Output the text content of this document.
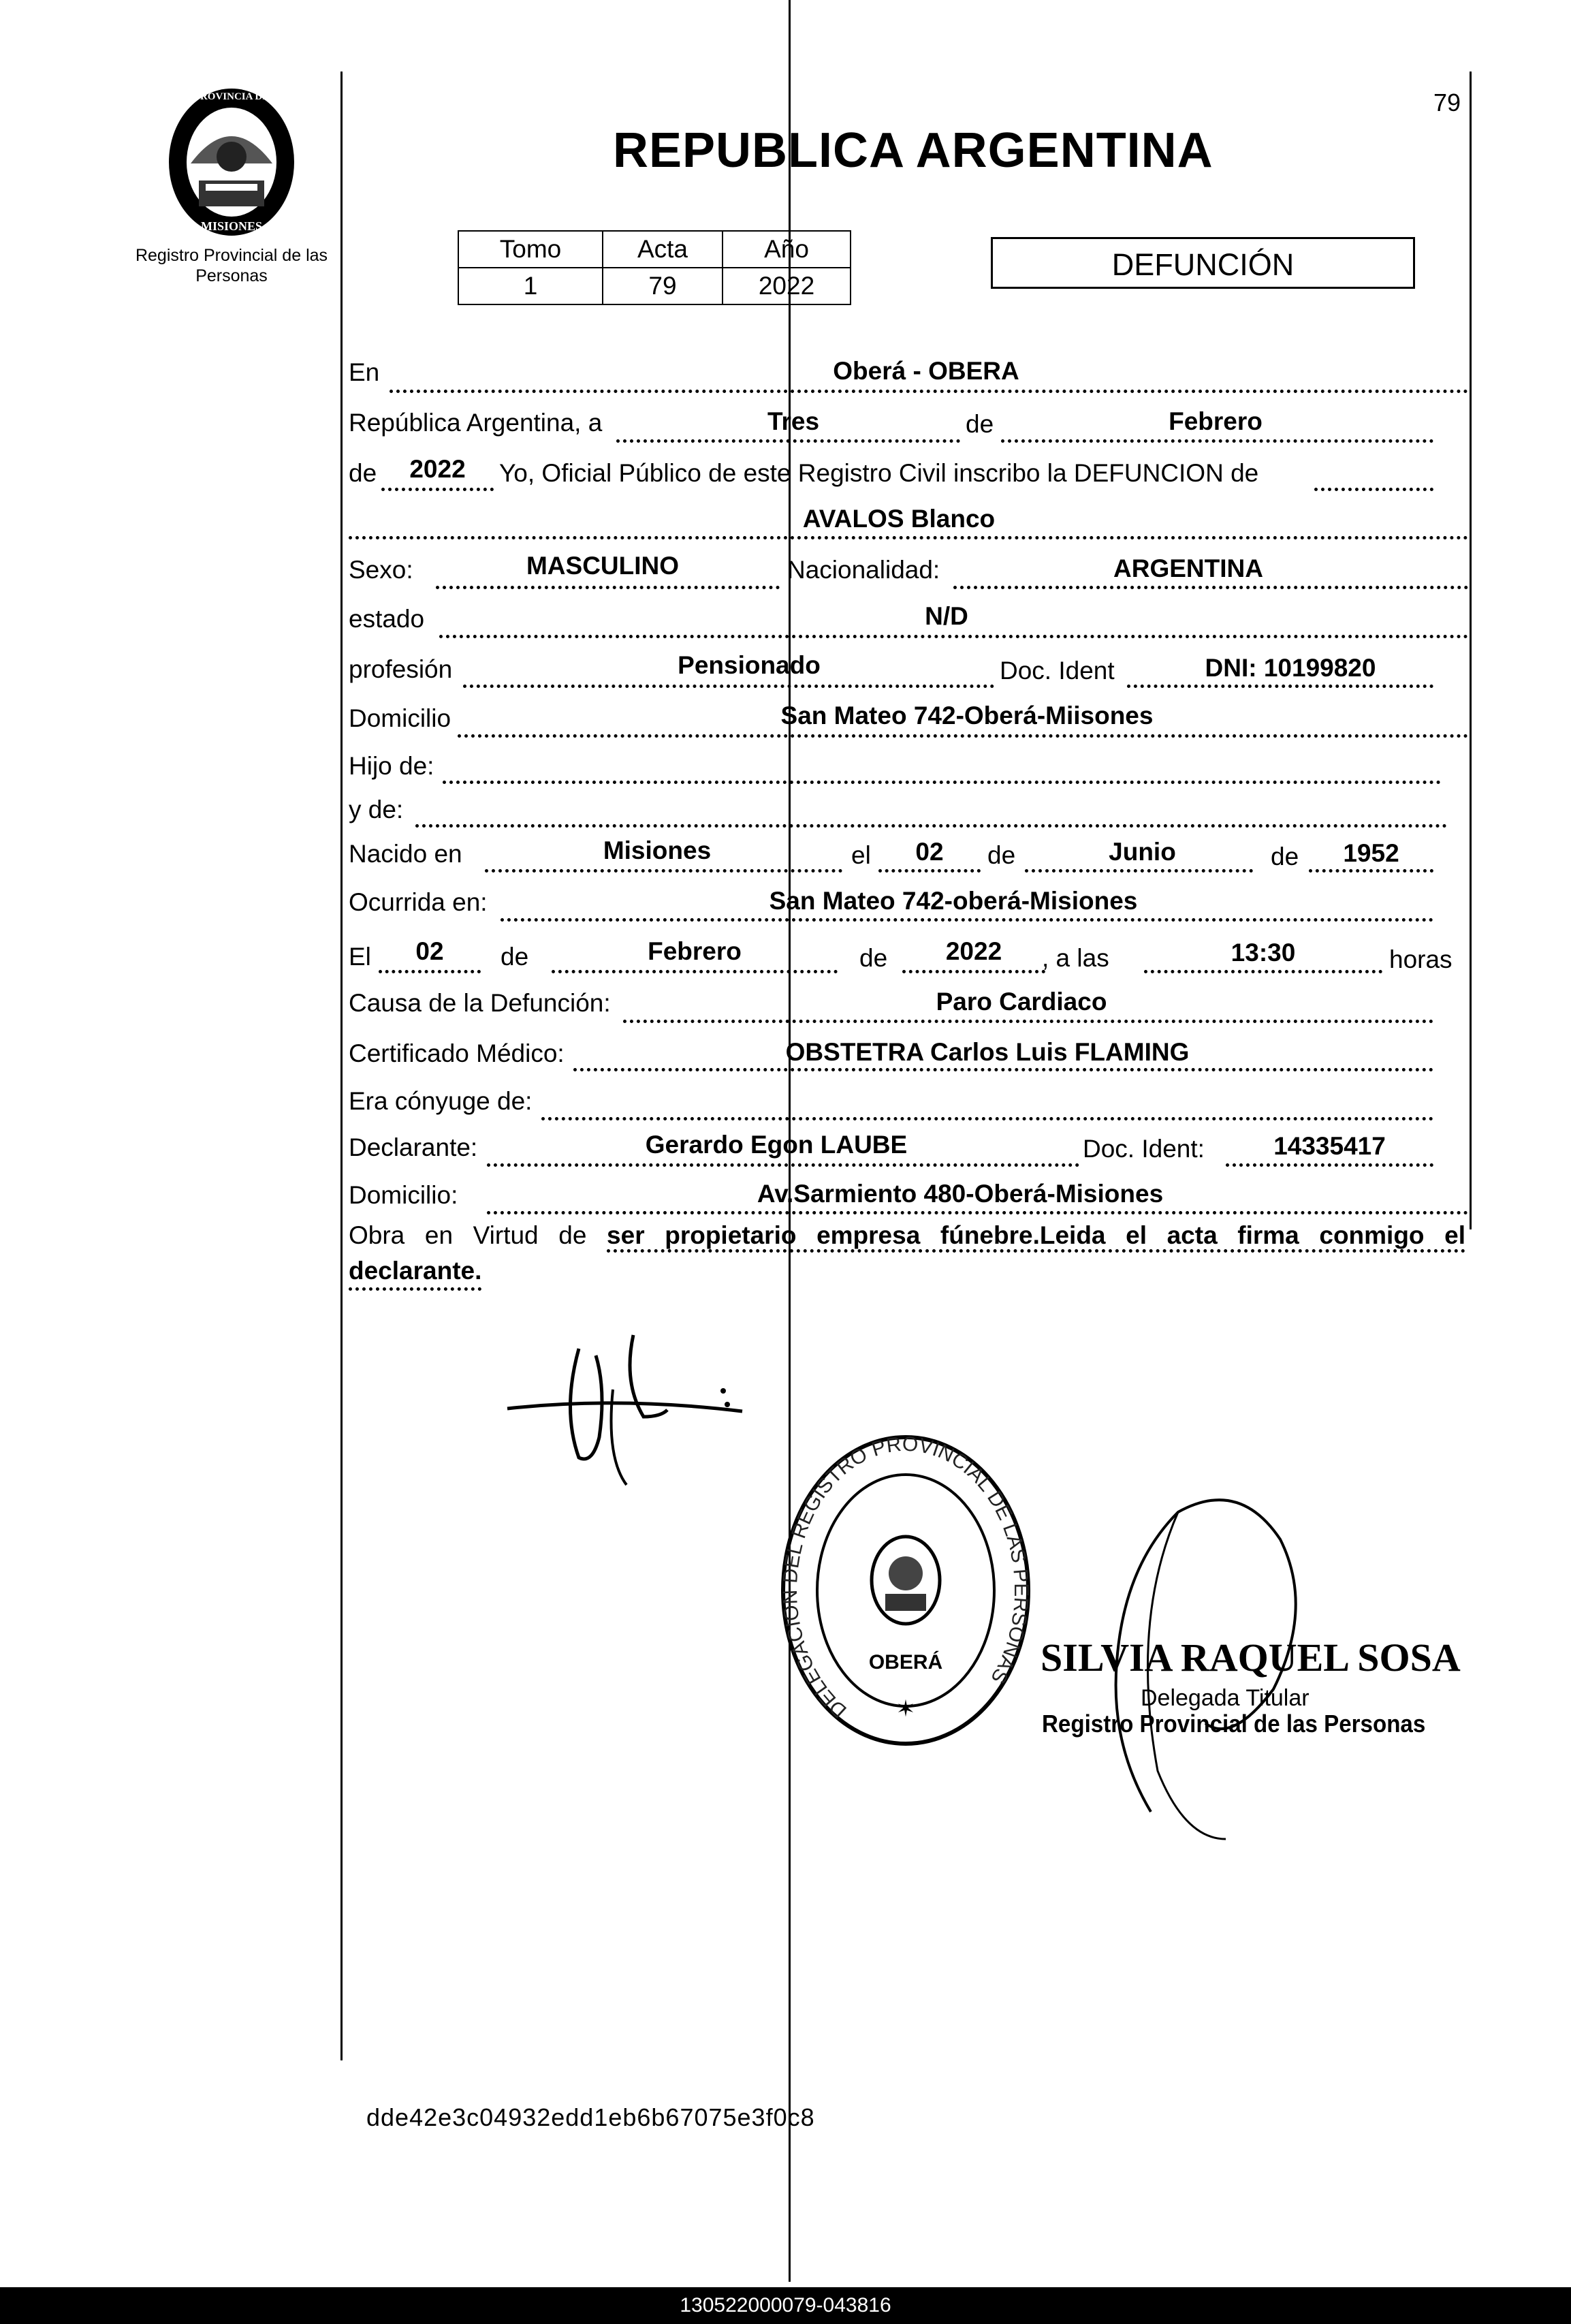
79
PROVINCIA DE
MISIONES
Registro Provincial de las Personas
REPUBLICA ARGENTINA
Tomo	Acta	Año
1	79	2022
DEFUNCIÓN
En	Oberá - OBERA
República Argentina, a	Tres	de	Febrero
de	2022	Yo, Oficial Público de este Registro Civil inscribo la DEFUNCION de
AVALOS Blanco
Sexo:	MASCULINO	Nacionalidad:	ARGENTINA
estado	N/D
profesión	Pensionado	Doc. Ident	DNI: 10199820
Domicilio	San Mateo 742-Oberá-Miisones
Hijo de:
y de:
Nacido en	Misiones	el	02	de	Junio	de	1952
Ocurrida en:	San Mateo 742-oberá-Misiones
El	02	de	Febrero	de	2022	, a las	13:30	horas
Causa de la Defunción:	Paro Cardiaco
Certificado Médico:	OBSTETRA Carlos Luis FLAMING
Era cónyuge de:
Declarante:	Gerardo Egon LAUBE	Doc. Ident:	14335417
Domicilio:	Av.Sarmiento 480-Oberá-Misiones
Obra en Virtud de ser propietario empresa fúnebre.Leida el acta firma conmigo el
declarante.
DELEGACION DEL REGISTRO PROVINCIAL DE LAS PERSONAS
OBERÁ
✶
SILVIA RAQUEL SOSA
Delegada Titular
Registro Provincial de las Personas
dde42e3c04932edd1eb6b67075e3f0c8
130522000079-043816
